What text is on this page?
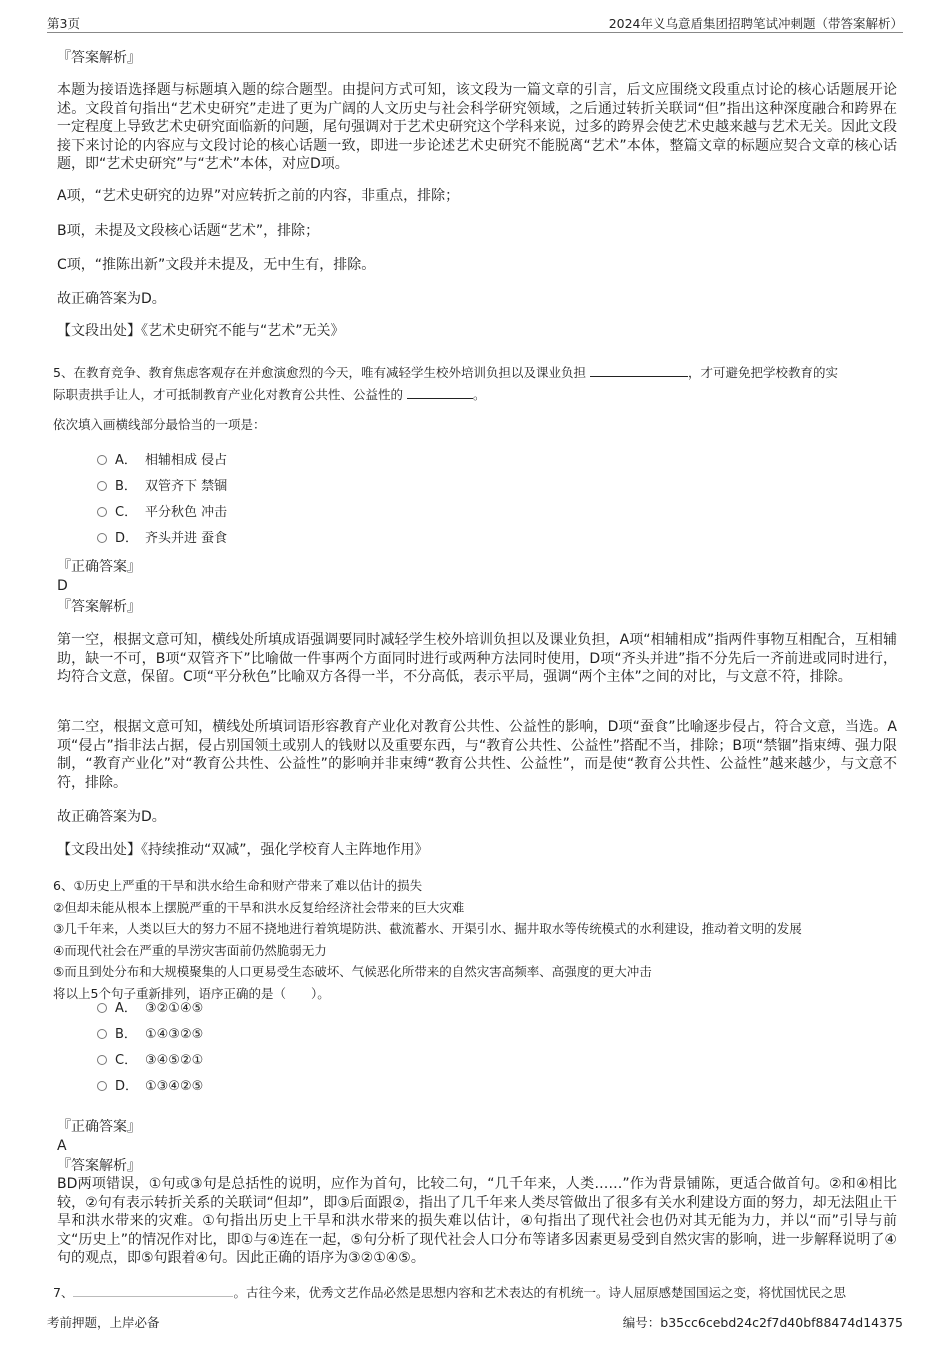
第3页	2024年义乌意盾集团招聘笔试冲刺题（带答案解析）
『答案解析』
本题为接语选择题与标题填入题的综合题型。由提问方式可知，该文段为一篇文章的引言，后文应围绕文段重点讨论的核心话题展开论述。文段首句指出“艺术史研究”走进了更为广阔的人文历史与社会科学研究领域，之后通过转折关联词“但”指出这种深度融合和跨界在一定程度上导致艺术史研究面临新的问题，尾句强调对于艺术史研究这个学科来说，过多的跨界会使艺术史越来越与艺术无关。因此文段接下来讨论的内容应与文段讨论的核心话题一致，即进一步论述艺术史研究不能脱离“艺术”本体，整篇文章的标题应契合文章的核心话题，即“艺术史研究”与“艺术”本体，对应D项。
A项，“艺术史研究的边界”对应转折之前的内容，非重点，排除；
B项，未提及文段核心话题“艺术”，排除；
C项，“推陈出新”文段并未提及，无中生有，排除。
故正确答案为D。
【文段出处】《艺术史研究不能与“艺术”无关》
5、在教育竞争、教育焦虑客观存在并愈演愈烈的今天，唯有减轻学生校外培训负担以及课业负担	，才可避免把学校教育的实
际职责拱手让人，才可抵制教育产业化对教育公共性、公益性的	。
依次填入画横线部分最恰当的一项是：
A． 相辅相成 侵占
B． 双管齐下 禁锢
C． 平分秋色 冲击
D． 齐头并进 蚕食
『正确答案』
D
『答案解析』
第一空，根据文意可知，横线处所填成语强调要同时减轻学生校外培训负担以及课业负担，A项“相辅相成”指两件事物互相配合，互相辅助，缺一不可，B项“双管齐下”比喻做一件事两个方面同时进行或两种方法同时使用，D项“齐头并进”指不分先后一齐前进或同时进行，均符合文意，保留。C项“平分秋色”比喻双方各得一半，不分高低，表示平局，强调“两个主体”之间的对比，与文意不符，排除。
第二空，根据文意可知，横线处所填词语形容教育产业化对教育公共性、公益性的影响，D项“蚕食”比喻逐步侵占，符合文意，当选。A项“侵占”指非法占据，侵占别国领土或别人的钱财以及重要东西，与“教育公共性、公益性”搭配不当，排除；B项“禁锢”指束缚、强力限制，“教育产业化”对“教育公共性、公益性”的影响并非束缚“教育公共性、公益性”，而是使“教育公共性、公益性”越来越少，与文意不符，排除。
故正确答案为D。
【文段出处】《持续推动“双减”，强化学校育人主阵地作用》
6、①历史上严重的干旱和洪水给生命和财产带来了难以估计的损失
②但却未能从根本上摆脱严重的干旱和洪水反复给经济社会带来的巨大灾难
③几千年来，人类以巨大的努力不屈不挠地进行着筑堤防洪、截流蓄水、开渠引水、掘井取水等传统模式的水利建设，推动着文明的发展
④而现代社会在严重的旱涝灾害面前仍然脆弱无力
⑤而且到处分布和大规模聚集的人口更易受生态破坏、气候恶化所带来的自然灾害高频率、高强度的更大冲击
将以上5个句子重新排列，语序正确的是（　　）。
A． ③②①④⑤
B． ①④③②⑤
C． ③④⑤②①
D． ①③④②⑤
『正确答案』
A
『答案解析』
BD两项错误，①句或③句是总括性的说明，应作为首句，比较二句，“几千年来，人类……”作为背景铺陈，更适合做首句。②和④相比较，②句有表示转折关系的关联词“但却”，即③后面跟②，指出了几千年来人类尽管做出了很多有关水利建设方面的努力，却无法阻止干旱和洪水带来的灾难。①句指出历史上干旱和洪水带来的损失难以估计，④句指出了现代社会也仍对其无能为力，并以“而”引导与前文“历史上”的情况作对比，即①与④连在一起，⑤句分析了现代社会人口分布等诸多因素更易受到自然灾害的影响，进一步解释说明了④句的观点，即⑤句跟着④句。因此正确的语序为③②①④⑤。
7、	。古往今来，优秀文艺作品必然是思想内容和艺术表达的有机统一。诗人屈原感楚国国运之变，将忧国忧民之思
考前押题，上岸必备	编号：b35cc6cebd24c2f7d40bf88474d14375
